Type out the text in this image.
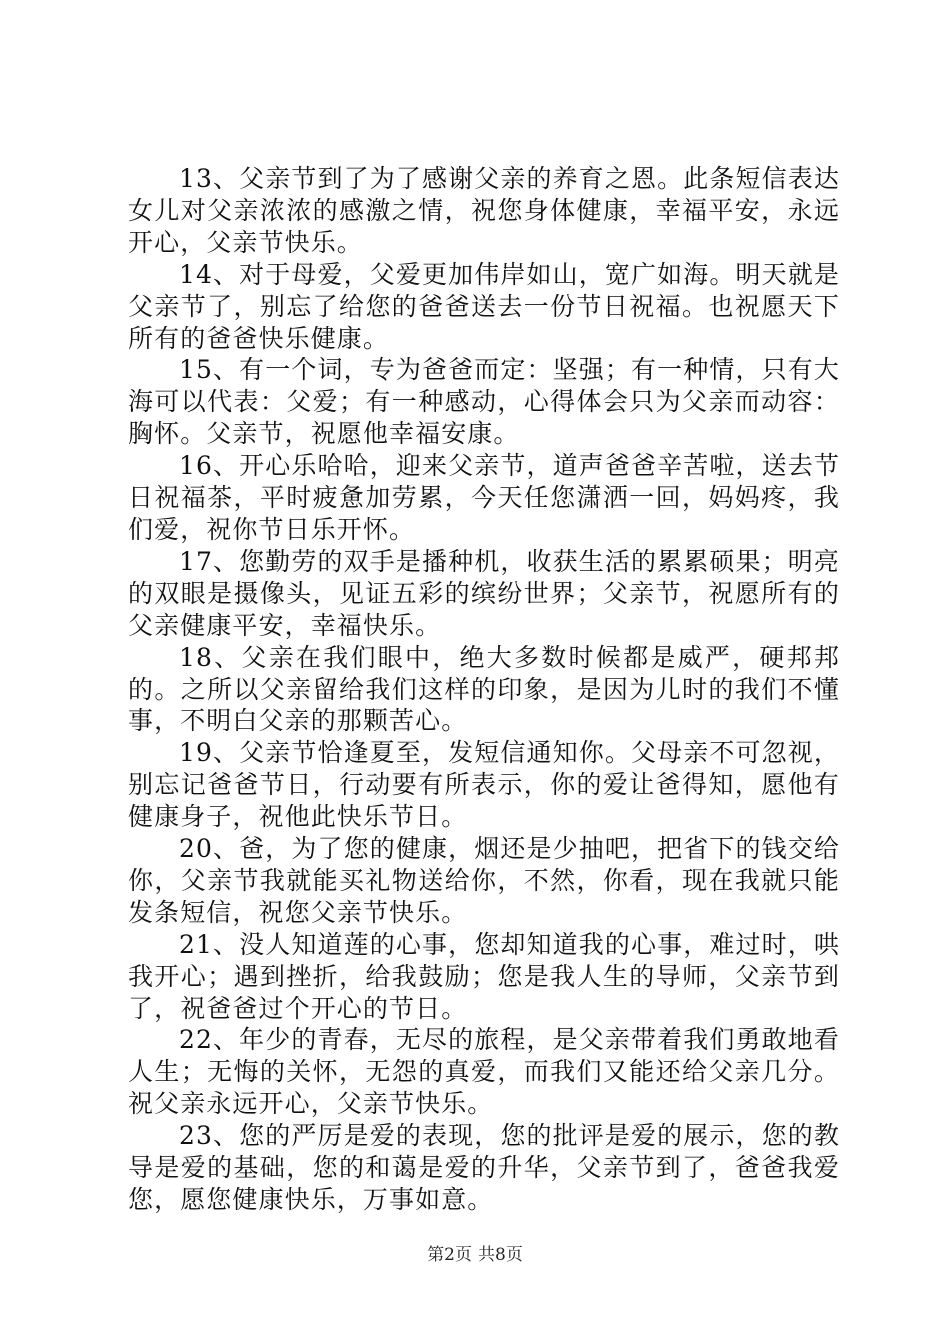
13、父亲节到了为了感谢父亲的养育之恩。此条短信表达女儿对父亲浓浓的感激之情，祝您身体健康，幸福平安，永远开心，父亲节快乐。

14、对于母爱，父爱更加伟岸如山，宽广如海。明天就是父亲节了，别忘了给您的爸爸送去一份节日祝福。也祝愿天下所有的爸爸快乐健康。

15、有一个词，专为爸爸而定：坚强；有一种情，只有大海可以代表：父爱；有一种感动，心得体会只为父亲而动容：胸怀。父亲节，祝愿他幸福安康。

16、开心乐哈哈，迎来父亲节，道声爸爸辛苦啦，送去节日祝福茶，平时疲惫加劳累，今天任您潇洒一回，妈妈疼，我们爱，祝你节日乐开怀。

17、您勤劳的双手是播种机，收获生活的累累硕果；明亮的双眼是摄像头，见证五彩的缤纷世界；父亲节，祝愿所有的父亲健康平安，幸福快乐。

18、父亲在我们眼中，绝大多数时候都是威严，硬邦邦的。之所以父亲留给我们这样的印象，是因为儿时的我们不懂事，不明白父亲的那颗苦心。

19、父亲节恰逢夏至，发短信通知你。父母亲不可忽视，别忘记爸爸节日，行动要有所表示，你的爱让爸得知，愿他有健康身子，祝他此快乐节日。

20、爸，为了您的健康，烟还是少抽吧，把省下的钱交给你，父亲节我就能买礼物送给你，不然，你看，现在我就只能发条短信，祝您父亲节快乐。

21、没人知道莲的心事，您却知道我的心事，难过时，哄我开心；遇到挫折，给我鼓励；您是我人生的导师，父亲节到了，祝爸爸过个开心的节日。

22、年少的青春，无尽的旅程，是父亲带着我们勇敢地看人生；无悔的关怀，无怨的真爱，而我们又能还给父亲几分。祝父亲永远开心，父亲节快乐。

23、您的严厉是爱的表现，您的批评是爱的展示，您的教导是爱的基础，您的和蔼是爱的升华，父亲节到了，爸爸我爱您，愿您健康快乐，万事如意。

第2页 共8页
